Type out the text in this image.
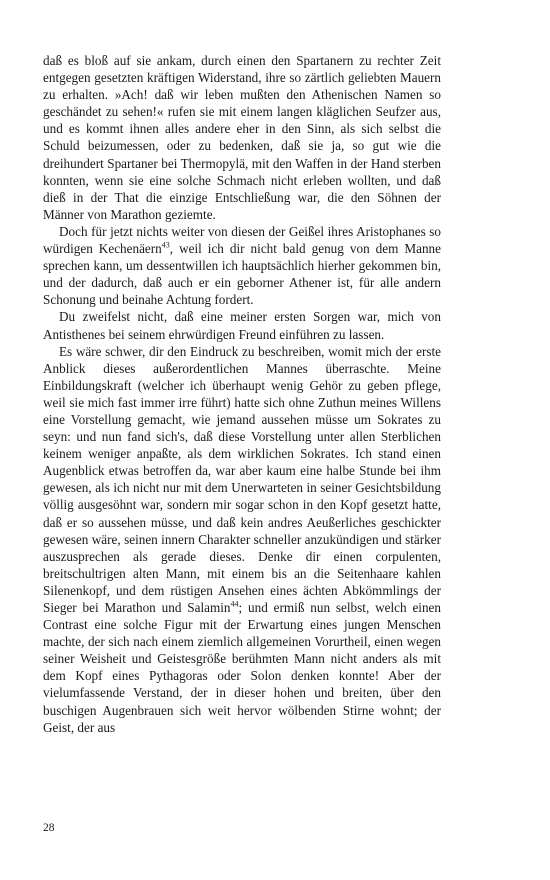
daß es bloß auf sie ankam, durch einen den Spartanern zu rechter Zeit entgegen gesetzten kräftigen Widerstand, ihre so zärtlich geliebten Mauern zu erhalten. »Ach! daß wir leben mußten den Athenischen Namen so geschändet zu sehen!« rufen sie mit einem langen kläglichen Seufzer aus, und es kommt ihnen alles andere eher in den Sinn, als sich selbst die Schuld beizumessen, oder zu bedenken, daß sie ja, so gut wie die dreihundert Spartaner bei Thermopylä, mit den Waffen in der Hand sterben konnten, wenn sie eine solche Schmach nicht erleben wollten, und daß dieß in der That die einzige Entschließung war, die den Söhnen der Männer von Marathon geziemte.

Doch für jetzt nichts weiter von diesen der Geißel ihres Aristophanes so würdigen Kechenäern$^{43}$, weil ich dir nicht bald genug von dem Manne sprechen kann, um dessentwillen ich hauptsächlich hierher gekommen bin, und der dadurch, daß auch er ein geborner Athener ist, für alle andern Schonung und beinahe Achtung fordert.

Du zweifelst nicht, daß eine meiner ersten Sorgen war, mich von Antisthenes bei seinem ehrwürdigen Freund einführen zu lassen.

Es wäre schwer, dir den Eindruck zu beschreiben, womit mich der erste Anblick dieses außerordentlichen Mannes überraschte. Meine Einbildungskraft (welcher ich überhaupt wenig Gehör zu geben pflege, weil sie mich fast immer irre führt) hatte sich ohne Zuthun meines Willens eine Vorstellung gemacht, wie jemand aussehen müsse um Sokrates zu seyn: und nun fand sich's, daß diese Vorstellung unter allen Sterblichen keinem weniger anpaßte, als dem wirklichen Sokrates. Ich stand einen Augenblick etwas betroffen da, war aber kaum eine halbe Stunde bei ihm gewesen, als ich nicht nur mit dem Unerwarteten in seiner Gesichtsbildung völlig ausgesöhnt war, sondern mir sogar schon in den Kopf gesetzt hatte, daß er so aussehen müsse, und daß kein andres Aeußerliches geschickter gewesen wäre, seinen innern Charakter schneller anzukündigen und stärker auszusprechen als gerade dieses. Denke dir einen corpulenten, breitschultrigen alten Mann, mit einem bis an die Seitenhaare kahlen Silenenkopf, und dem rüstigen Ansehen eines ächten Abkömmlings der Sieger bei Marathon und Salamin$^{44}$; und ermiß nun selbst, welch einen Contrast eine solche Figur mit der Erwartung eines jungen Menschen machte, der sich nach einem ziemlich allgemeinen Vorurtheil, einen wegen seiner Weisheit und Geistesgröße berühmten Mann nicht anders als mit dem Kopf eines Pythagoras oder Solon denken konnte! Aber der vielumfassende Verstand, der in dieser hohen und breiten, über den buschigen Augenbrauen sich weit hervor wölbenden Stirne wohnt; der Geist, der aus

28
